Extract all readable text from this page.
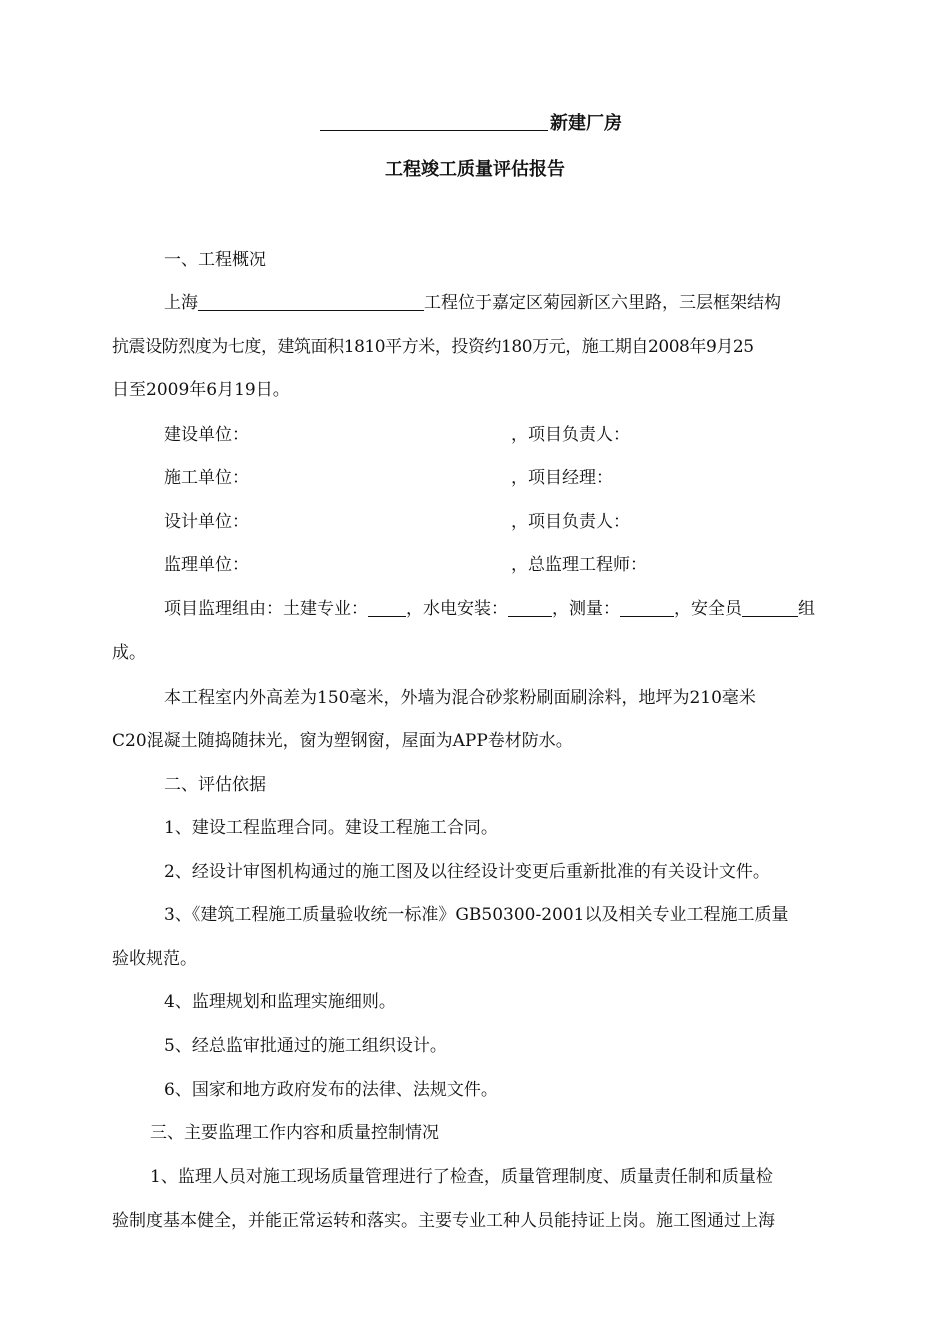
新建厂房
工程竣工质量评估报告
一、工程概况
上海	工程位于嘉定区菊园新区六里路，三层框架结构
抗震设防烈度为七度，建筑面积1810平方米，投资约180万元，施工期自2008年9月25
日至2009年6月19日。
建设单位：	，项目负责人：
施工单位：	，项目经理：
设计单位：	，项目负责人：
监理单位：	，总监理工程师：
项目监理组由：土建专业： ，水电安装：	，测量：	，安全员	组
成。
本工程室内外高差为150毫米，外墙为混合砂浆粉刷面刷涂料，地坪为210毫米
C20混凝土随捣随抹光，窗为塑钢窗，屋面为APP卷材防水。
二、评估依据
1、建设工程监理合同。建设工程施工合同。
2、经设计审图机构通过的施工图及以往经设计变更后重新批准的有关设计文件。
3、《建筑工程施工质量验收统一标准》GB50300-2001以及相关专业工程施工质量
验收规范。
4、监理规划和监理实施细则。
5、经总监审批通过的施工组织设计。
6、国家和地方政府发布的法律、法规文件。
三、主要监理工作内容和质量控制情况
1、监理人员对施工现场质量管理进行了检查，质量管理制度、质量责任制和质量检
验制度基本健全，并能正常运转和落实。主要专业工种人员能持证上岗。施工图通过上海
